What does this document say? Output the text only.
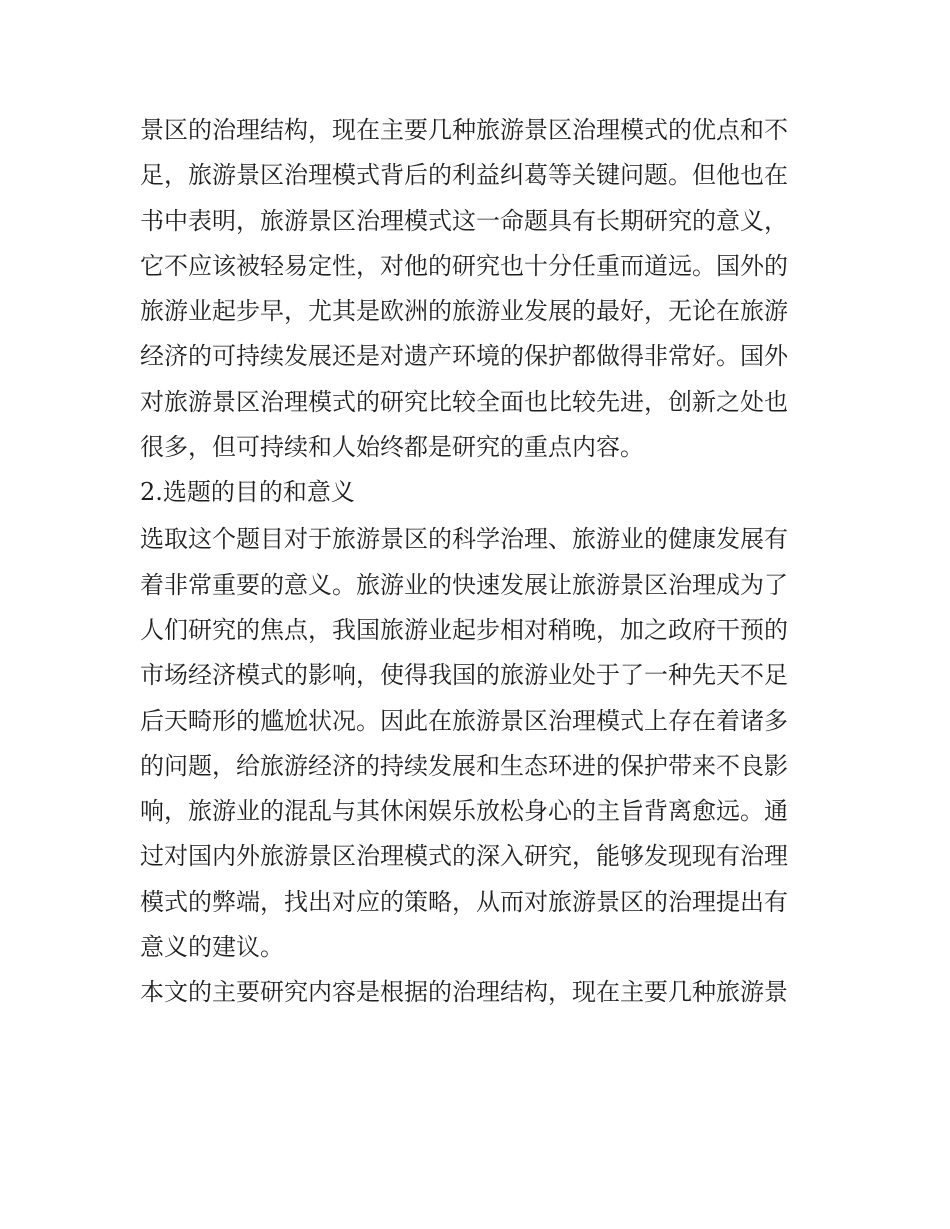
景区的治理结构，现在主要几种旅游景区治理模式的优点和不
足，旅游景区治理模式背后的利益纠葛等关键问题。但他也在
书中表明，旅游景区治理模式这一命题具有长期研究的意义，
它不应该被轻易定性，对他的研究也十分任重而道远。国外的
旅游业起步早，尤其是欧洲的旅游业发展的最好，无论在旅游
经济的可持续发展还是对遗产环境的保护都做得非常好。国外
对旅游景区治理模式的研究比较全面也比较先进，创新之处也
很多，但可持续和人始终都是研究的重点内容。
2.选题的目的和意义
选取这个题目对于旅游景区的科学治理、旅游业的健康发展有
着非常重要的意义。旅游业的快速发展让旅游景区治理成为了
人们研究的焦点，我国旅游业起步相对稍晚，加之政府干预的
市场经济模式的影响，使得我国的旅游业处于了一种先天不足
后天畸形的尴尬状况。因此在旅游景区治理模式上存在着诸多
的问题，给旅游经济的持续发展和生态环进的保护带来不良影
响，旅游业的混乱与其休闲娱乐放松身心的主旨背离愈远。通
过对国内外旅游景区治理模式的深入研究，能够发现现有治理
模式的弊端，找出对应的策略，从而对旅游景区的治理提出有
意义的建议。
本文的主要研究内容是根据的治理结构，现在主要几种旅游景
